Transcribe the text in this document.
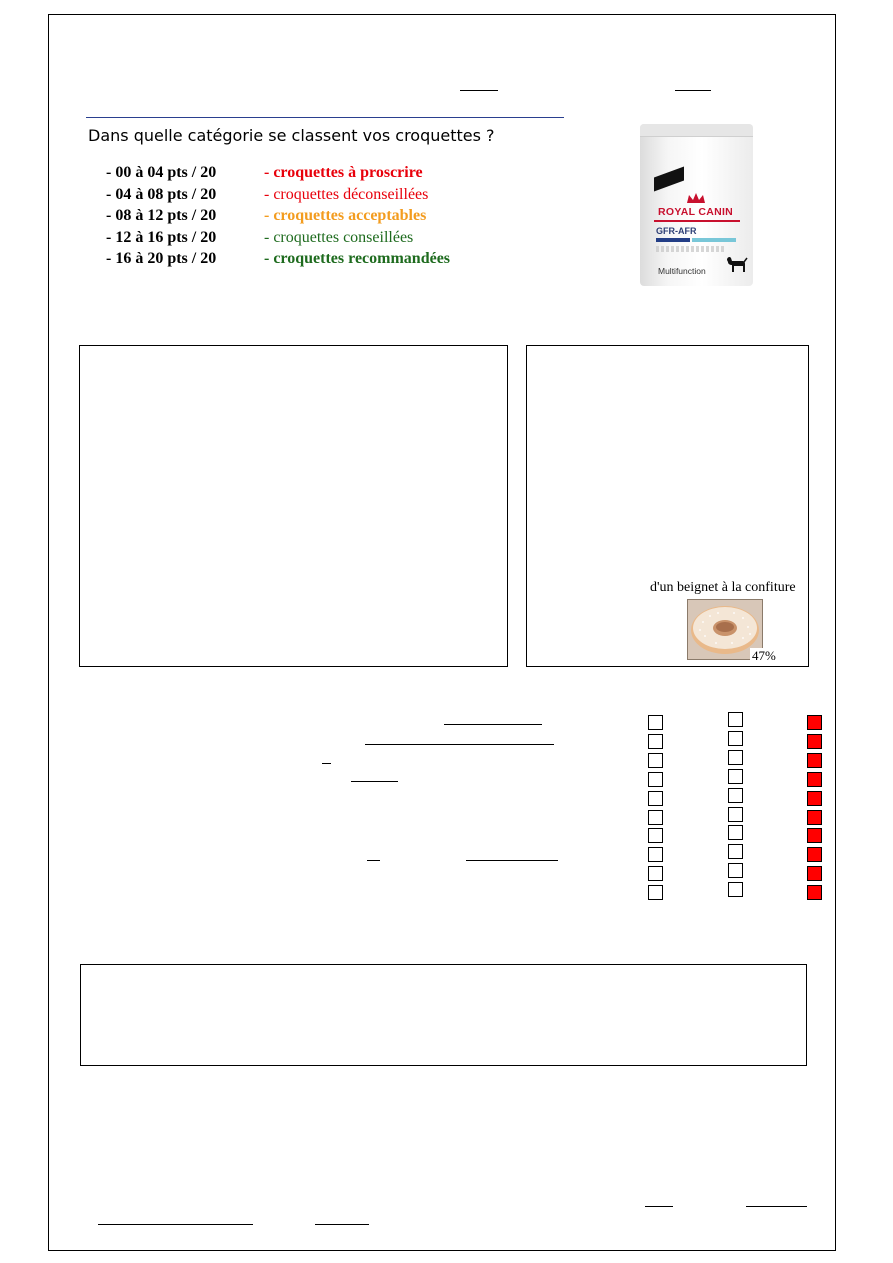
Dans quelle catégorie se classent vos croquettes ?
- 00 à 04 pts / 20	- croquettes à proscrire
- 04 à 08 pts / 20	- croquettes déconseillées
- 08 à 12 pts / 20	- croquettes acceptables
- 12 à 16 pts / 20	- croquettes conseillées
- 16 à 20 pts / 20	- croquettes recommandées
ROYAL CANIN
GFR-AFR
Multifunction
d'un beignet à la confiture
47%
